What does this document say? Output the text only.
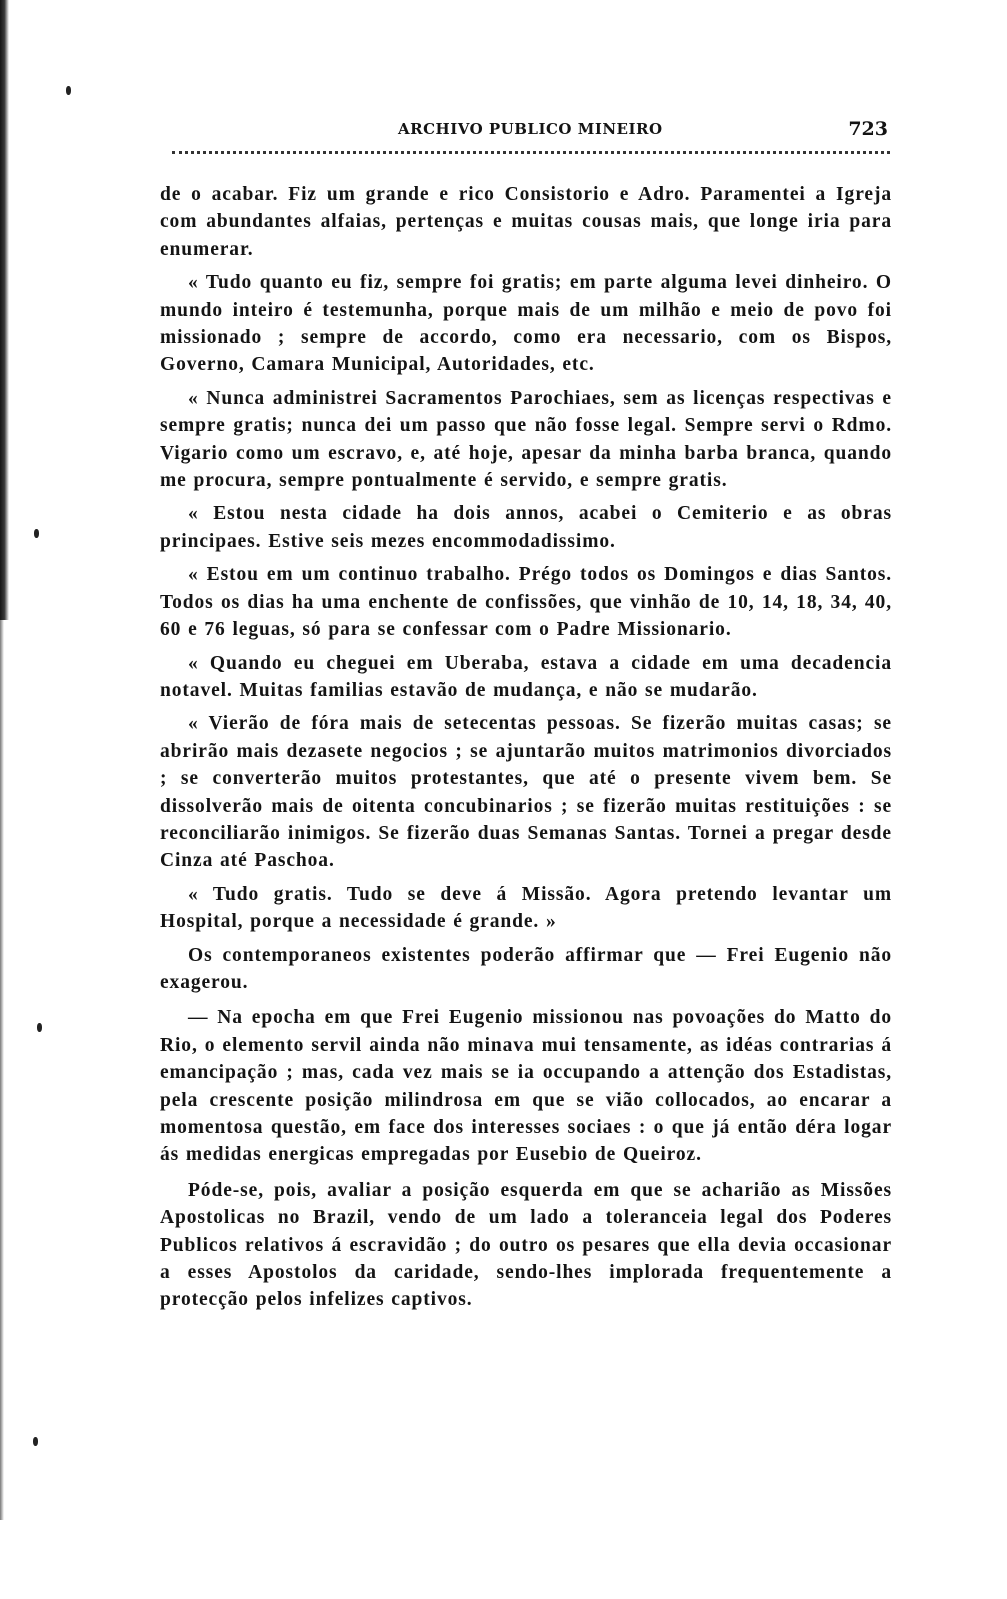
ARCHIVO PUBLICO MINEIRO	723

de o acabar. Fiz um grande e rico Consistorio e Adro. Paramentei a Igreja com abundantes alfaias, pertenças e muitas cousas mais, que longe iria para enumerar.

« Tudo quanto eu fiz, sempre foi gratis; em parte alguma levei dinheiro. O mundo inteiro é testemunha, porque mais de um milhão e meio de povo foi missionado ; sempre de accordo, como era necessario, com os Bispos, Governo, Camara Municipal, Autoridades, etc.

« Nunca administrei Sacramentos Parochiaes, sem as licenças respectivas e sempre gratis; nunca dei um passo que não fosse legal. Sempre servi o Rdmo. Vigario como um escravo, e, até hoje, apesar da minha barba branca, quando me procura, sempre pontualmente é servido, e sempre gratis.

« Estou nesta cidade ha dois annos, acabei o Cemiterio e as obras principaes. Estive seis mezes encommodadissimo.

« Estou em um continuo trabalho. Prégo todos os Domingos e dias Santos. Todos os dias ha uma enchente de confissões, que vinhão de 10, 14, 18, 34, 40, 60 e 76 leguas, só para se confessar com o Padre Missionario.

« Quando eu cheguei em Uberaba, estava a cidade em uma decadencia notavel. Muitas familias estavão de mudança, e não se mudarão.

« Vierão de fóra mais de setecentas pessoas. Se fizerão muitas casas; se abrirão mais dezasete negocios ; se ajuntarão muitos matrimonios divorciados ; se converterão muitos protestantes, que até o presente vivem bem. Se dissolverão mais de oitenta concubinarios ; se fizerão muitas restituições : se reconciliarão inimigos. Se fizerão duas Semanas Santas. Tornei a pregar desde Cinza até Paschoa.

« Tudo gratis. Tudo se deve á Missão. Agora pretendo levantar um Hospital, porque a necessidade é grande. »

Os contemporaneos existentes poderão affirmar que — Frei Eugenio não exagerou.

— Na epocha em que Frei Eugenio missionou nas povoações do Matto do Rio, o elemento servil ainda não minava mui tensamente, as idéas contrarias á emancipação ; mas, cada vez mais se ia occupando a attenção dos Estadistas, pela crescente posição milindrosa em que se vião collocados, ao encarar a momentosa questão, em face dos interesses sociaes : o que já então déra logar ás medidas energicas empregadas por Eusebio de Queiroz.

Póde-se, pois, avaliar a posição esquerda em que se acharião as Missões Apostolicas no Brazil, vendo de um lado a toleranceia legal dos Poderes Publicos relativos á escravidão ; do outro os pesares que ella devia occasionar a esses Apostolos da caridade, sendo-lhes implorada frequentemente a protecção pelos infelizes captivos.
